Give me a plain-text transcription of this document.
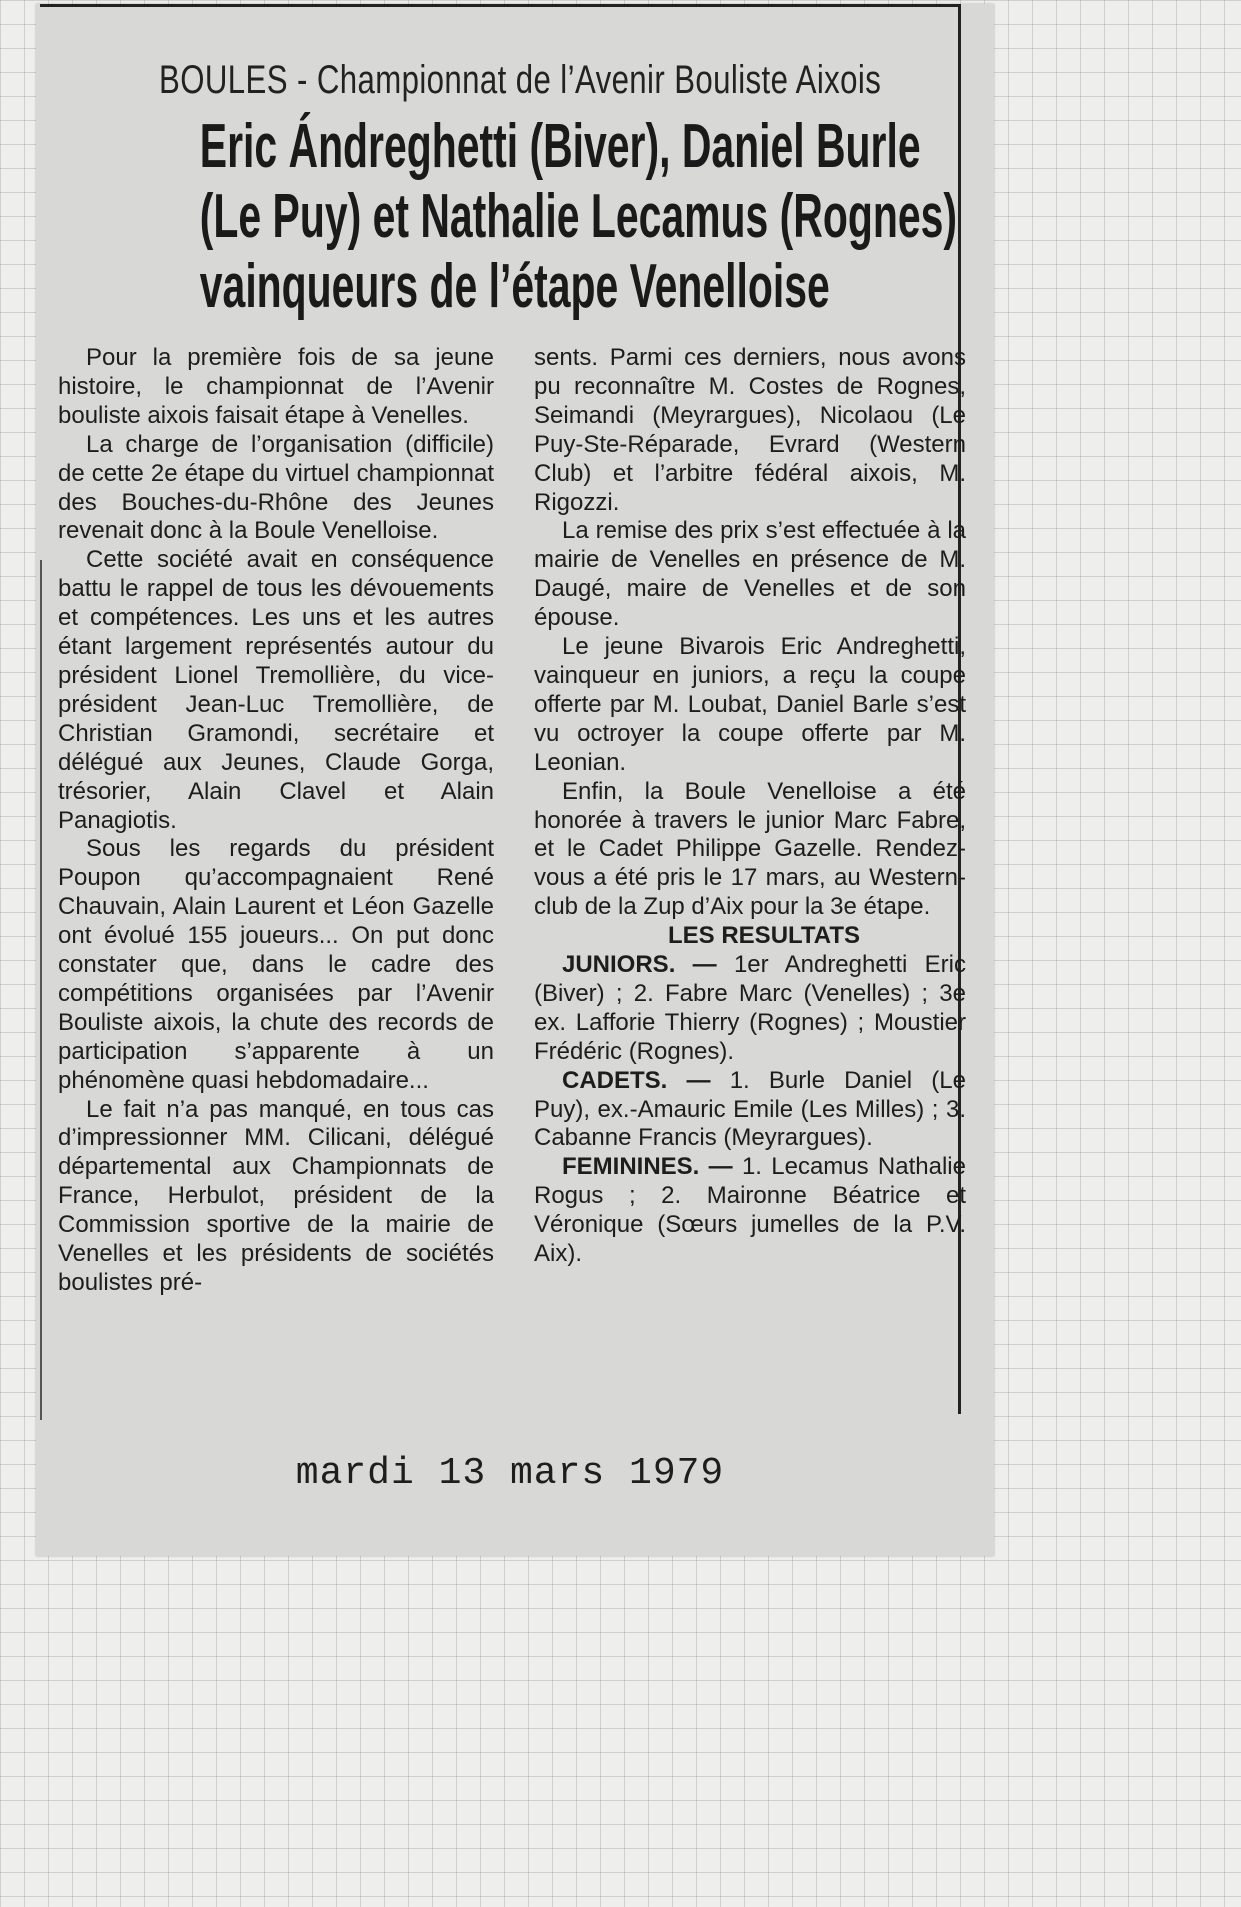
BOULES - Championnat de l’Avenir Bouliste Aixois
Eric Ándreghetti (Biver), Daniel Burle
(Le Puy) et Nathalie Lecamus (Rognes)
vainqueurs de l’étape Venelloise

Pour la première fois de sa jeune histoire, le championnat de l’Avenir bouliste aixois faisait étape à Venelles.

La charge de l’organisation (difficile) de cette 2e étape du virtuel championnat des Bouches-du-Rhône des Jeunes revenait donc à la Boule Venelloise.

Cette société avait en conséquence battu le rappel de tous les dévouements et compétences. Les uns et les autres étant largement représentés autour du président Lionel Tremollière, du vice-président Jean-Luc Tremollière, de Christian Gramondi, secrétaire et délégué aux Jeunes, Claude Gorga, trésorier, Alain Clavel et Alain Panagiotis.

Sous les regards du président Poupon qu’accompagnaient René Chauvain, Alain Laurent et Léon Gazelle ont évolué 155 joueurs... On put donc constater que, dans le cadre des compétitions organisées par l’Avenir Bouliste aixois, la chute des records de participation s’apparente à un phénomène quasi hebdomadaire...

Le fait n’a pas manqué, en tous cas d’impressionner MM. Cilicani, délégué départemental aux Championnats de France, Herbulot, président de la Commission sportive de la mairie de Venelles et les présidents de sociétés boulistes pré-

sents. Parmi ces derniers, nous avons pu reconnaître M. Costes de Rognes, Seimandi (Meyrargues), Nicolaou (Le Puy-Ste-Réparade, Evrard (Western Club) et l’arbitre fédéral aixois, M. Rigozzi.

La remise des prix s’est effectuée à la mairie de Venelles en présence de M. Daugé, maire de Venelles et de son épouse.

Le jeune Bivarois Eric Andreghetti, vainqueur en juniors, a reçu la coupe offerte par M. Loubat, Daniel Barle s’est vu octroyer la coupe offerte par M. Leonian.

Enfin, la Boule Venelloise a été honorée à travers le junior Marc Fabre, et le Cadet Philippe Gazelle. Rendez-vous a été pris le 17 mars, au Western-club de la Zup d’Aix pour la 3e étape.

LES RESULTATS

JUNIORS. — 1er Andreghetti Eric (Biver) ; 2. Fabre Marc (Venelles) ; 3e ex. Lafforie Thierry (Rognes) ; Moustier Frédéric (Rognes).

CADETS. — 1. Burle Daniel (Le Puy), ex.-Amauric Emile (Les Milles) ; 3. Cabanne Francis (Meyrargues).

FEMININES. — 1. Lecamus Nathalie Rogus ; 2. Maironne Béatrice et Véronique (Sœurs jumelles de la P.V. Aix).

mardi 13 mars 1979
